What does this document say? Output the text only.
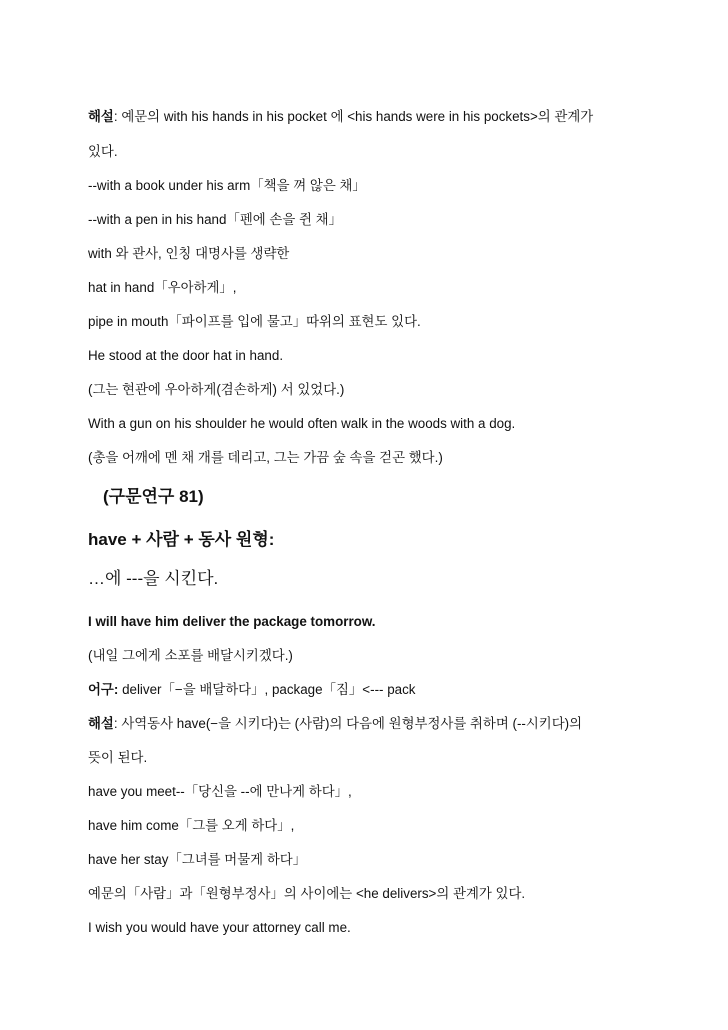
해설: 예문의 with his hands in his pocket 에 <his hands were in his pockets>의 관계가
있다.
--with a book under his arm「책을 껴 않은 채」
--with a pen in his hand「펜에 손을 쥔 채」
with 와 관사, 인칭 대명사를 생략한
hat in hand「우아하게」,
pipe in mouth「파이프를 입에 물고」따위의 표현도 있다.
He stood at the door hat in hand.
(그는 현관에 우아하게(겸손하게) 서 있었다.)
With a gun on his shoulder he would often walk in the woods with a dog.
(총을 어깨에 멘 채 개를 데리고, 그는 가끔 숲 속을 걷곤 했다.)
(구문연구 81)
have + 사람 + 동사 원형:
…에 ---을 시킨다.
I will have him deliver the package tomorrow.
(내일 그에게 소포를 배달시키겠다.)
어구: deliver「−을 배달하다」, package「짐」<--- pack
해설: 사역동사 have(−을 시키다)는 (사람)의 다음에 원형부정사를 취하며 (--시키다)의
뜻이 된다.
have you meet--「당신을 --에 만나게 하다」,
have him come「그를 오게 하다」,
have her stay「그녀를 머물게 하다」
예문의「사람」과「원형부정사」의 사이에는 <he delivers>의 관계가 있다.
I wish you would have your attorney call me.
